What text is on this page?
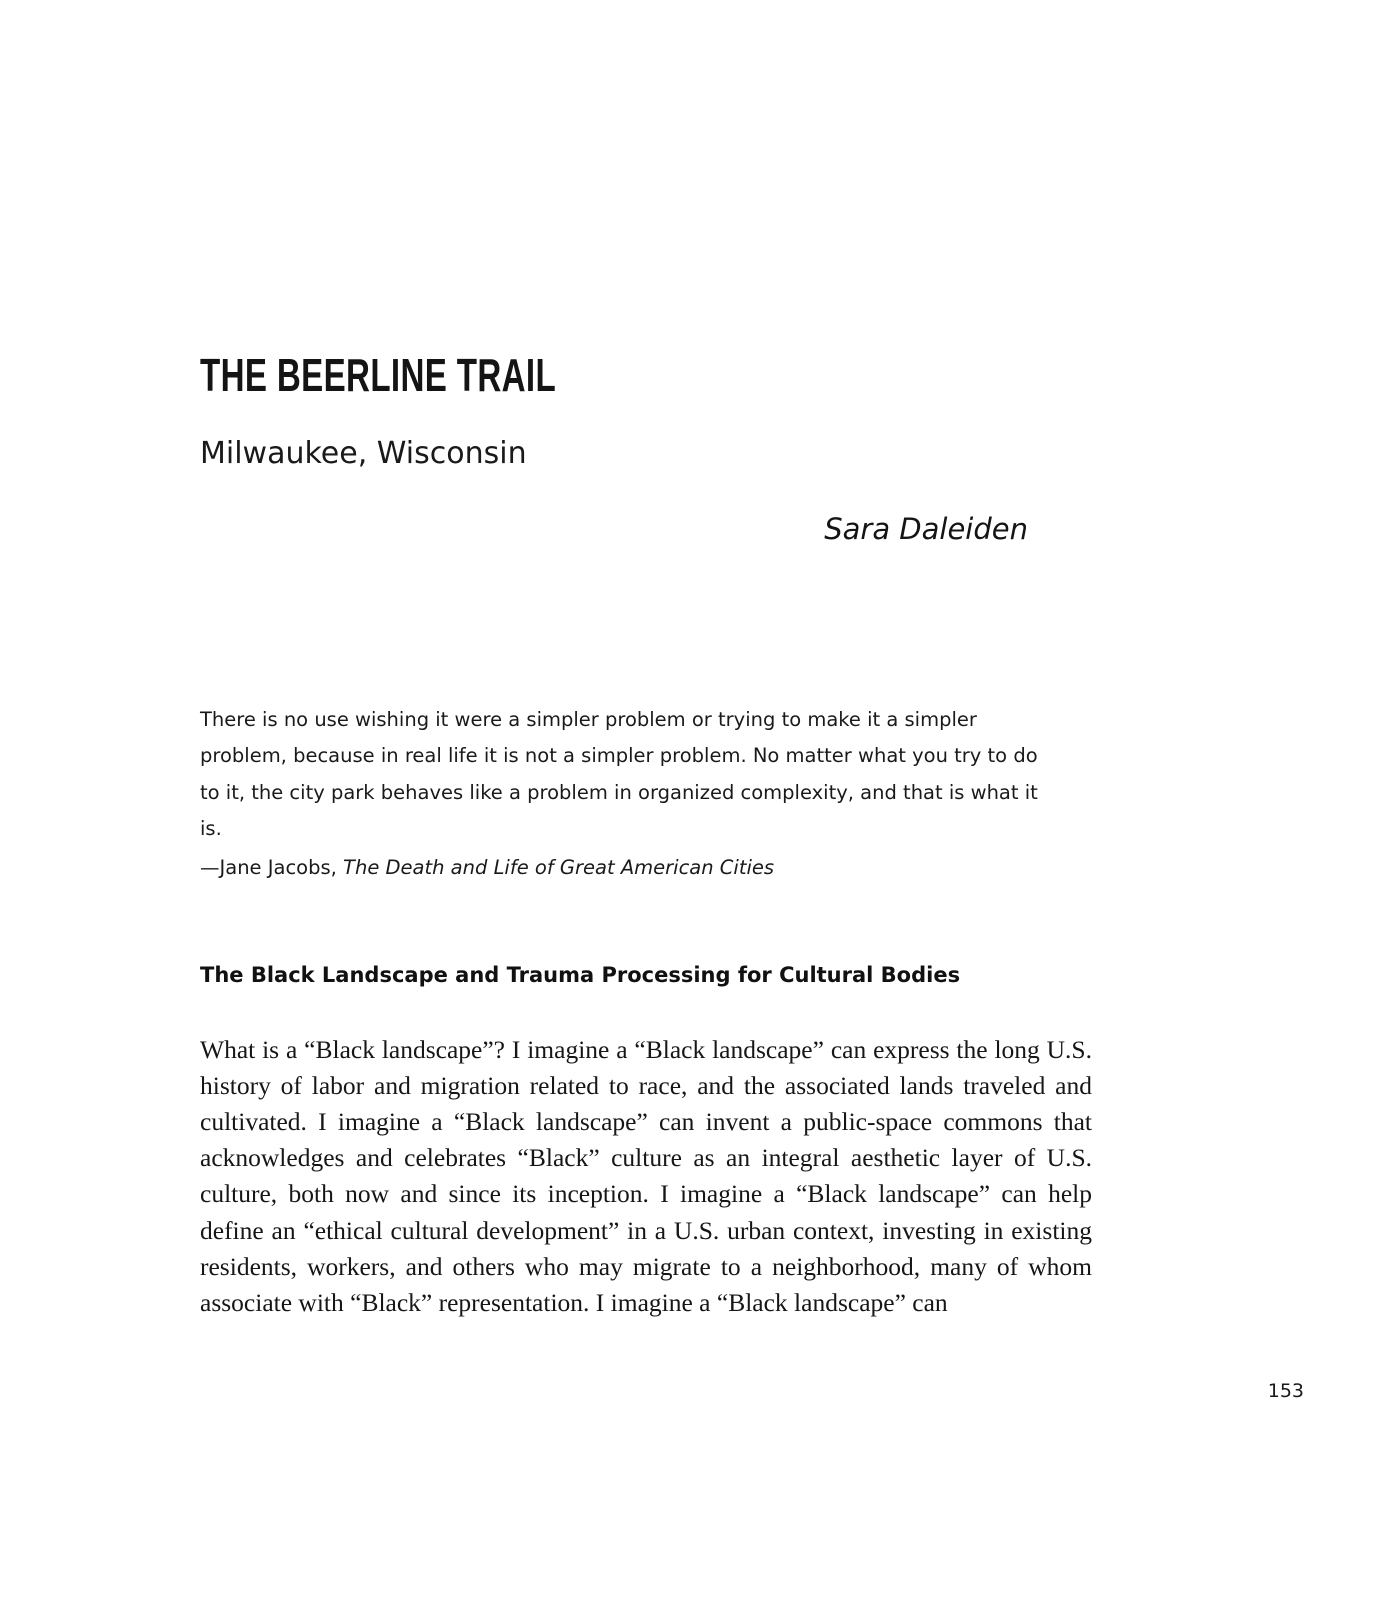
THE BEERLINE TRAIL
Milwaukee, Wisconsin

Sara Daleiden

There is no use wishing it were a simpler problem or trying to make it a simpler problem, because in real life it is not a simpler problem. No matter what you try to do to it, the city park behaves like a problem in organized complexity, and that is what it is.

—Jane Jacobs, The Death and Life of Great American Cities

The Black Landscape and Trauma Processing for Cultural Bodies

What is a “Black landscape”? I imagine a “Black landscape” can express the long U.S. history of labor and migration related to race, and the associated lands traveled and cultivated. I imagine a “Black landscape” can invent a public-space commons that acknowledges and celebrates “Black” culture as an integral aesthetic layer of U.S. culture, both now and since its inception. I imagine a “Black landscape” can help define an “ethical cultural development” in a U.S. urban context, investing in existing residents, workers, and others who may migrate to a neighborhood, many of whom associate with “Black” representation. I imagine a “Black landscape” can

153
